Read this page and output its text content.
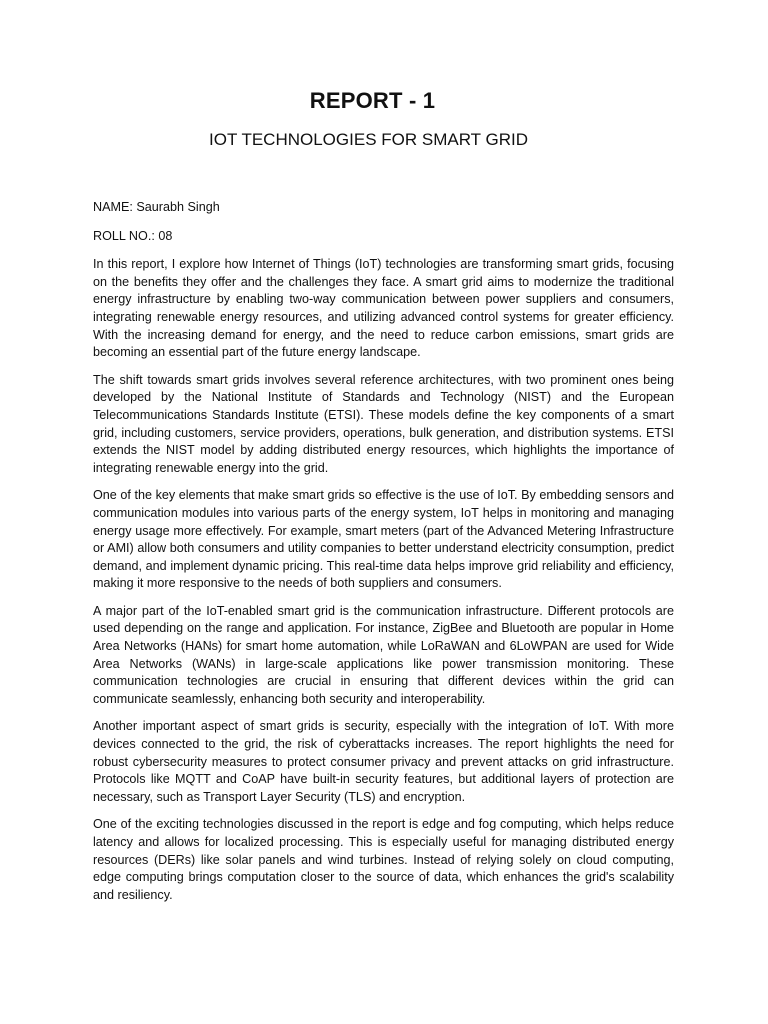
REPORT - 1
IOT TECHNOLOGIES FOR SMART GRID

NAME: Saurabh Singh

ROLL NO.: 08

In this report, I explore how Internet of Things (IoT) technologies are transforming smart grids, focusing on the benefits they offer and the challenges they face. A smart grid aims to modernize the traditional energy infrastructure by enabling two-way communication between power suppliers and consumers, integrating renewable energy resources, and utilizing advanced control systems for greater efficiency. With the increasing demand for energy, and the need to reduce carbon emissions, smart grids are becoming an essential part of the future energy landscape.

The shift towards smart grids involves several reference architectures, with two prominent ones being developed by the National Institute of Standards and Technology (NIST) and the European Telecommunications Standards Institute (ETSI). These models define the key components of a smart grid, including customers, service providers, operations, bulk generation, and distribution systems. ETSI extends the NIST model by adding distributed energy resources, which highlights the importance of integrating renewable energy into the grid.

One of the key elements that make smart grids so effective is the use of IoT. By embedding sensors and communication modules into various parts of the energy system, IoT helps in monitoring and managing energy usage more effectively. For example, smart meters (part of the Advanced Metering Infrastructure or AMI) allow both consumers and utility companies to better understand electricity consumption, predict demand, and implement dynamic pricing. This real-time data helps improve grid reliability and efficiency, making it more responsive to the needs of both suppliers and consumers.

A major part of the IoT-enabled smart grid is the communication infrastructure. Different protocols are used depending on the range and application. For instance, ZigBee and Bluetooth are popular in Home Area Networks (HANs) for smart home automation, while LoRaWAN and 6LoWPAN are used for Wide Area Networks (WANs) in large-scale applications like power transmission monitoring. These communication technologies are crucial in ensuring that different devices within the grid can communicate seamlessly, enhancing both security and interoperability.

Another important aspect of smart grids is security, especially with the integration of IoT. With more devices connected to the grid, the risk of cyberattacks increases. The report highlights the need for robust cybersecurity measures to protect consumer privacy and prevent attacks on grid infrastructure. Protocols like MQTT and CoAP have built-in security features, but additional layers of protection are necessary, such as Transport Layer Security (TLS) and encryption.

One of the exciting technologies discussed in the report is edge and fog computing, which helps reduce latency and allows for localized processing. This is especially useful for managing distributed energy resources (DERs) like solar panels and wind turbines. Instead of relying solely on cloud computing, edge computing brings computation closer to the source of data, which enhances the grid's scalability and resiliency.
